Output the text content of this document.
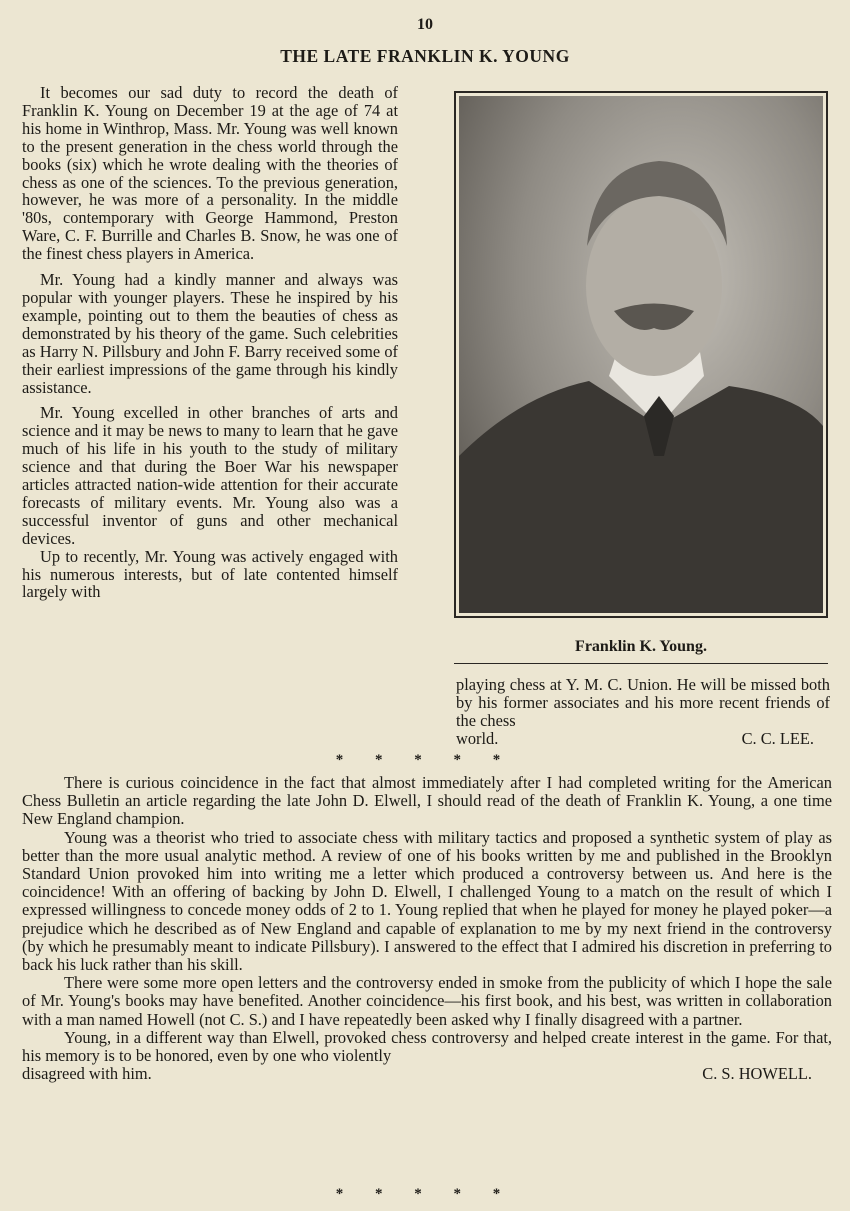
10
THE LATE FRANKLIN K. YOUNG

It becomes our sad duty to record the death of Franklin K. Young on December 19 at the age of 74 at his home in Winthrop, Mass. Mr. Young was well known to the present generation in the chess world through the books (six) which he wrote dealing with the theories of chess as one of the sciences. To the previous generation, however, he was more of a personality. In the middle '80s, contemporary with George Hammond, Preston Ware, C. F. Burrille and Charles B. Snow, he was one of the finest chess players in America.

Mr. Young had a kindly manner and always was popular with younger players. These he inspired by his example, pointing out to them the beauties of chess as demonstrated by his theory of the game. Such celebrities as Harry N. Pillsbury and John F. Barry received some of their earliest impressions of the game through his kindly assistance.

Mr. Young excelled in other branches of arts and science and it may be news to many to learn that he gave much of his life in his youth to the study of military science and that during the Boer War his newspaper articles attracted nation-wide attention for their accurate forecasts of military events. Mr. Young also was a successful inventor of guns and other mechanical devices.

Up to recently, Mr. Young was actively engaged with his numerous interests, but of late contented himself largely with

Franklin K. Young.
playing chess at Y. M. C. Union. He will be missed both by his former associates and his more recent friends of the chess
world.	C. C. LEE.
* * * * *

There is curious coincidence in the fact that almost immediately after I had completed writing for the American Chess Bulletin an article regarding the late John D. Elwell, I should read of the death of Franklin K. Young, a one time New England champion.

Young was a theorist who tried to associate chess with military tactics and proposed a synthetic system of play as better than the more usual analytic method. A review of one of his books written by me and published in the Brooklyn Standard Union provoked him into writing me a letter which produced a controversy between us. And here is the coincidence! With an offering of backing by John D. Elwell, I challenged Young to a match on the result of which I expressed willingness to concede money odds of 2 to 1. Young replied that when he played for money he played poker—a prejudice which he described as of New England and capable of explanation to me by my next friend in the controversy (by which he presumably meant to indicate Pillsbury). I answered to the effect that I admired his discretion in preferring to back his luck rather than his skill.

There were some more open letters and the controversy ended in smoke from the publicity of which I hope the sale of Mr. Young's books may have benefited. Another coincidence—his first book, and his best, was written in collaboration with a man named Howell (not C. S.) and I have repeatedly been asked why I finally disagreed with a partner.

Young, in a different way than Elwell, provoked chess controversy and helped create interest in the game. For that, his memory is to be honored, even by one who violently

disagreed with him.	C. S. HOWELL.
* * * * *
